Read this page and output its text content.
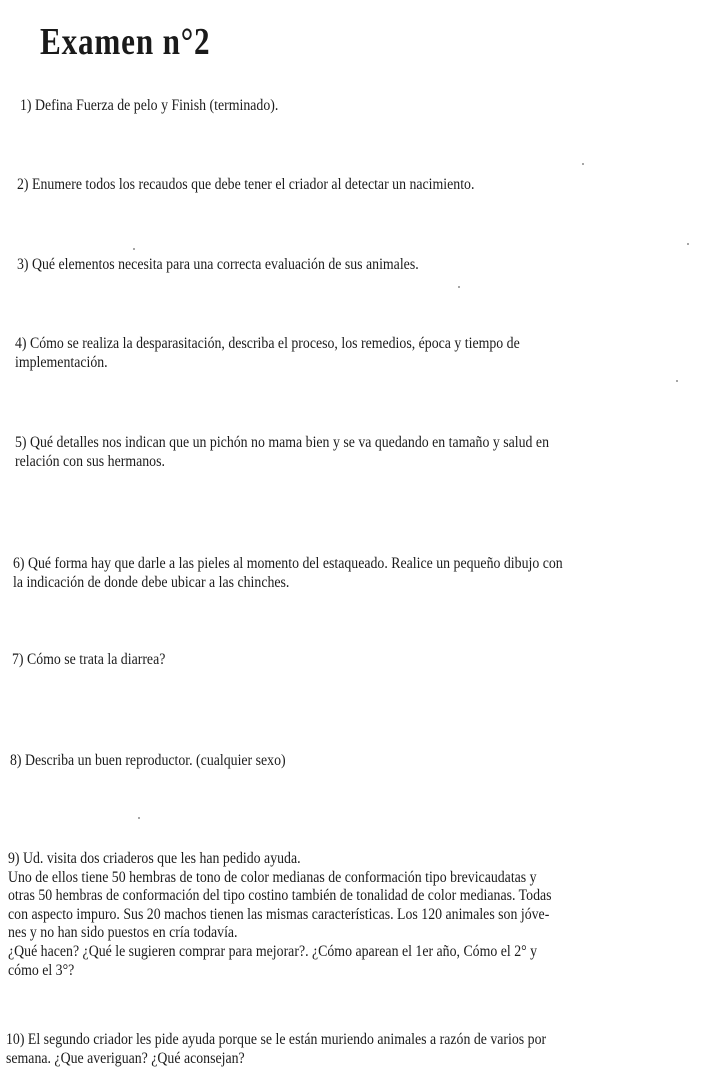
Examen n°2
1) Defina Fuerza de pelo y Finish (terminado).
2) Enumere todos los recaudos que debe tener el criador al detectar un nacimiento.
3) Qué elementos necesita para una correcta evaluación de sus animales.
4) Cómo se realiza la desparasitación, describa el proceso, los remedios, época y tiempo de
implementación.
5) Qué detalles nos indican que un pichón no mama bien y se va quedando en tamaño y salud en
relación con sus hermanos.
6) Qué forma hay que darle a las pieles al momento del estaqueado. Realice un pequeño dibujo con
la indicación de donde debe ubicar a las chinches.
7) Cómo se trata la diarrea?
8) Describa un buen reproductor. (cualquier sexo)
9) Ud. visita dos criaderos que les han pedido ayuda.
Uno de ellos tiene 50 hembras de tono de color medianas de conformación tipo brevicaudatas y
otras 50 hembras de conformación del tipo costino también de tonalidad de color medianas. Todas
con aspecto impuro. Sus 20 machos tienen las mismas características. Los 120 animales son jóve-
nes y no han sido puestos en cría todavía.
¿Qué hacen? ¿Qué le sugieren comprar para mejorar?. ¿Cómo aparean el 1er año, Cómo el 2° y
cómo el 3°?
10) El segundo criador les pide ayuda porque se le están muriendo animales a razón de varios por
semana. ¿Que averiguan? ¿Qué aconsejan?
